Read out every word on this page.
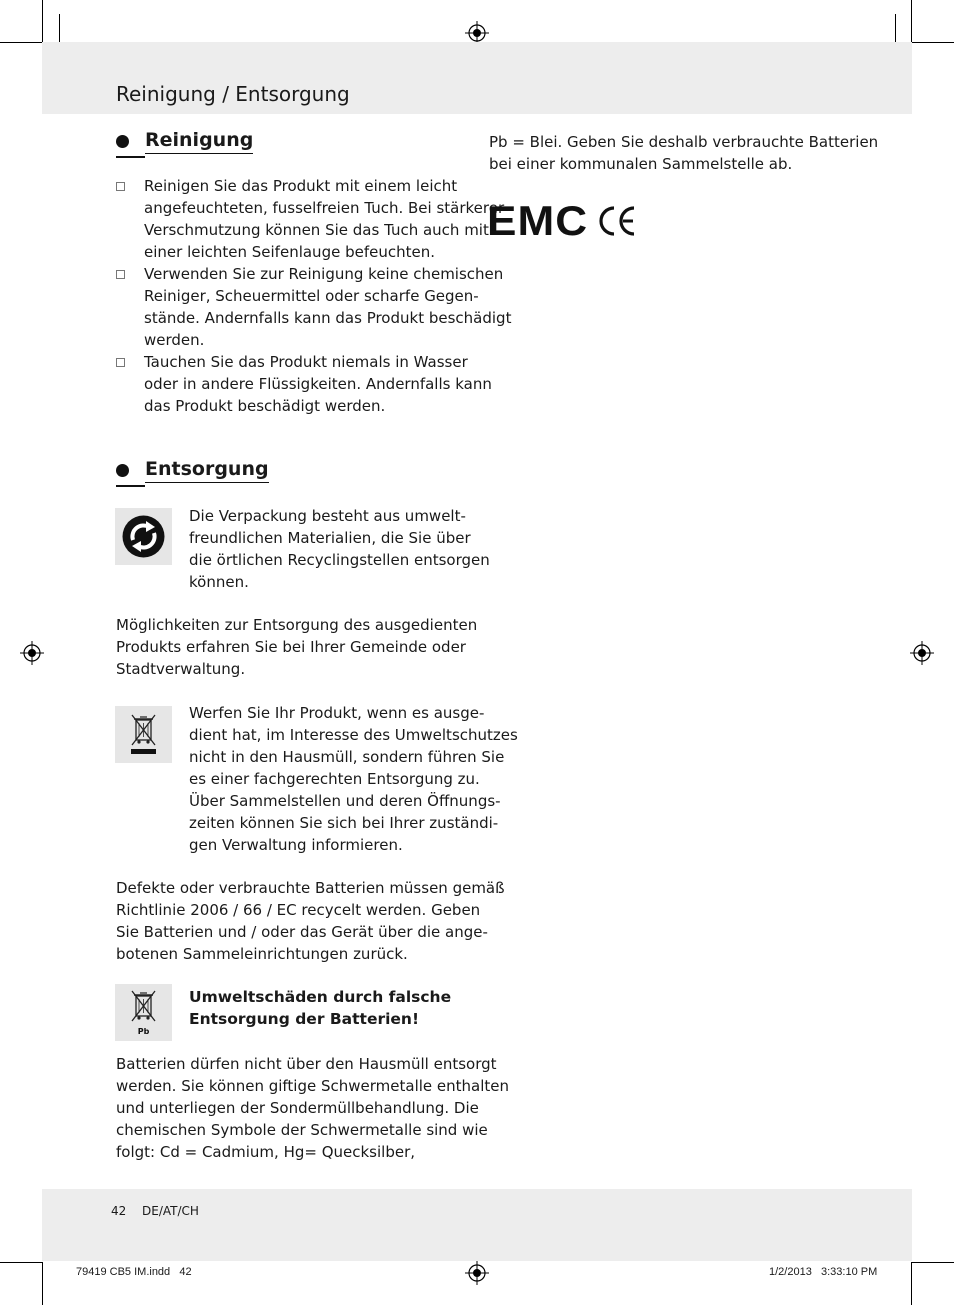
Reinigung / Entsorgung
Reinigung
Reinigen Sie das Produkt mit einem leicht
angefeuchteten, fusselfreien Tuch. Bei stärkerer
Verschmutzung können Sie das Tuch auch mit
einer leichten Seifenlauge befeuchten.
Verwenden Sie zur Reinigung keine chemischen
Reiniger, Scheuermittel oder scharfe Gegen-
stände. Andernfalls kann das Produkt beschädigt
werden.
Tauchen Sie das Produkt niemals in Wasser
oder in andere Flüssigkeiten. Andernfalls kann
das Produkt beschädigt werden.
Entsorgung
Die Verpackung besteht aus umwelt-
freundlichen Materialien, die Sie über
die örtlichen Recyclingstellen entsorgen
können.
Möglichkeiten zur Entsorgung des ausgedienten
Produkts erfahren Sie bei Ihrer Gemeinde oder
Stadtverwaltung.
Werfen Sie Ihr Produkt, wenn es ausge-
dient hat, im Interesse des Umweltschutzes
nicht in den Hausmüll, sondern führen Sie
es einer fachgerechten Entsorgung zu.
Über Sammelstellen und deren Öffnungs-
zeiten können Sie sich bei Ihrer zuständi-
gen Verwaltung informieren.
Defekte oder verbrauchte Batterien müssen gemäß
Richtlinie 2006 / 66 / EC recycelt werden. Geben
Sie Batterien und / oder das Gerät über die ange-
botenen Sammeleinrichtungen zurück.
Pb
Umweltschäden durch falsche
Entsorgung der Batterien!
Batterien dürfen nicht über den Hausmüll entsorgt
werden. Sie können giftige Schwermetalle enthalten
und unterliegen der Sondermüllbehandlung. Die
chemischen Symbole der Schwermetalle sind wie
folgt: Cd = Cadmium, Hg= Quecksilber,
Pb = Blei. Geben Sie deshalb verbrauchte Batterien
bei einer kommunalen Sammelstelle ab.
EMC
42 DE/AT/CH
79419 CB5 IM.indd   42	1/2/2013   3:33:10 PM
